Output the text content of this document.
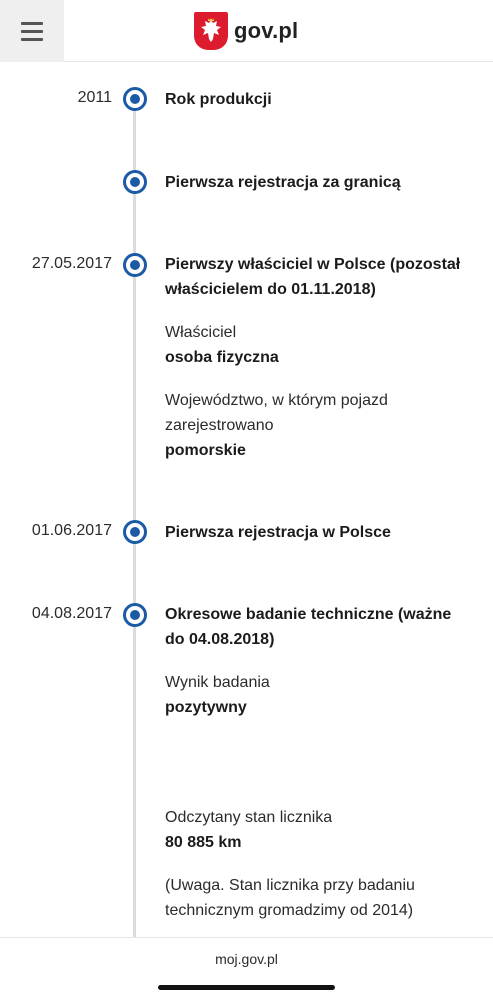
gov.pl
2011	Rok produkcji
Pierwsza rejestracja za granicą
27.05.2017	Pierwszy właściciel w Polsce (pozostał właścicielem do 01.11.2018)
Właściciel
osoba fizyczna
Województwo, w którym pojazd zarejestrowano
pomorskie
01.06.2017	Pierwsza rejestracja w Polsce
04.08.2017	Okresowe badanie techniczne (ważne do 04.08.2018)
Wynik badania
pozytywny
Odczytany stan licznika
80 885 km
(Uwaga. Stan licznika przy badaniu technicznym gromadzimy od 2014)
moj.gov.pl
